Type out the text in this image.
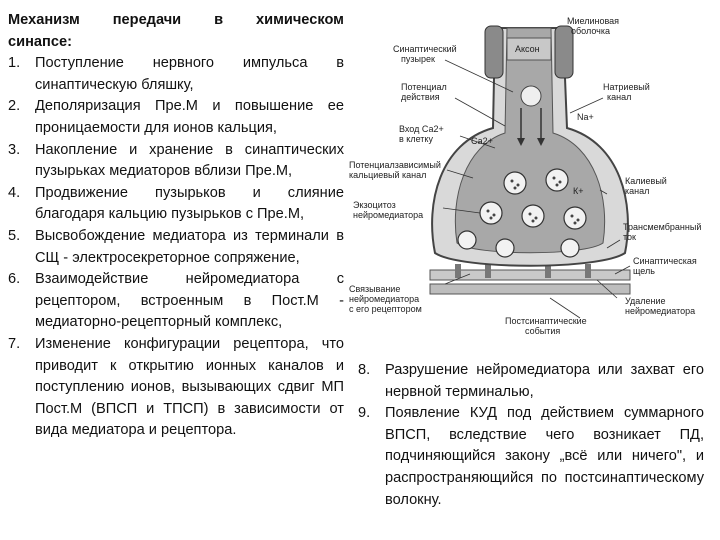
Механизм передачи в химическом
синапсе:
1.	Поступление нервного импульса в синаптическую бляшку,
2.	Деполяризация Пре.М и повышение ее проницаемости для ионов кальция,
3.	Накопление и хранение в синаптических пузырьках медиаторов вблизи Пре.М,
4.	Продвижение пузырьков и слияние благодаря кальцию пузырьков с Пре.М,
5.	Высвобождение медиатора из терминали в СЩ - электросекреторное сопряжение,
6.	Взаимодействие нейромедиатора с рецептором, встроенным в Пост.М - медиаторно-рецепторный комплекс,
7.	Изменение конфигурации рецептора, что приводит к открытию ионных каналов и поступлению ионов, вызывающих сдвиг МП Пост.М (ВПСП и ТПСП) в зависимости от вида медиатора и рецептора.
8.	Разрушение нейромедиатора или захват его нервной терминалью,
9.	Появление КУД под действием суммарного ВПСП, вследствие чего возникает ПД, подчиняющийся закону „всё или ничего", и распространяющийся по постсинаптическому волокну.
Миелиновая
оболочка
Аксон
Синаптический
пузырек
Потенциал
действия
Вход Са2+
в клетку	Са2+
Потенциалзависимый
кальциевый канал
Экзоцитоз
нейромедиатора
Связывание
нейромедиатора
с его рецептором
Натриевый
канал
Na+
К+
Калиевый
канал
Трансмембранный
ток
Синаптическая
щель
Удаление
нейромедиатора
Постсинаптические
события
